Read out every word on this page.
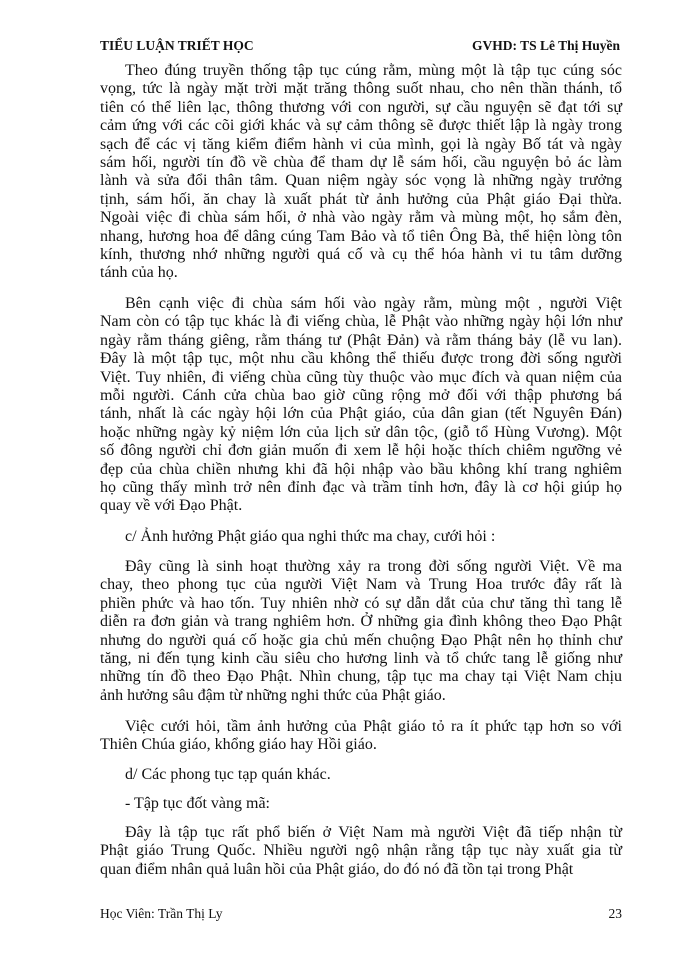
TIỂU LUẬN TRIẾT HỌC	GVHD: TS Lê Thị Huyền
Theo đúng truyền thống tập tục cúng rằm, mùng một là tập tục cúng sóc
vọng, tức là ngày mặt trời mặt trăng thông suốt nhau, cho nên thần thánh, tổ
tiên có thể liên lạc, thông thương với con người, sự cầu nguyện sẽ đạt tới sự
cảm ứng với các cõi giới khác và sự cảm thông sẽ được thiết lập là ngày trong
sạch để các vị tăng kiểm điểm hành vi của mình, gọi là ngày Bố tát và ngày
sám hối, người tín đồ về chùa để tham dự lễ sám hối, cầu nguyện bỏ ác làm
lành và sửa đổi thân tâm. Quan niệm ngày sóc vọng là những ngày trưởng
tịnh, sám hối, ăn chay là xuất phát từ ảnh hưởng của Phật giáo Đại thừa.
Ngoài việc đi chùa sám hối, ở nhà vào ngày rằm và mùng một, họ sắm đèn,
nhang, hương hoa để dâng cúng Tam Bảo và tổ tiên Ông Bà, thể hiện lòng tôn
kính, thương nhớ những người quá cố và cụ thể hóa hành vi tu tâm dưỡng
tánh của họ.
Bên cạnh việc đi chùa sám hối vào ngày rằm, mùng một , người Việt
Nam còn có tập tục khác là đi viếng chùa, lễ Phật vào những ngày hội lớn như
ngày rằm tháng giêng, rằm tháng tư (Phật Đản) và rằm tháng bảy (lễ vu lan).
Đây là một tập tục, một nhu cầu không thể thiếu được trong đời sống người
Việt. Tuy nhiên, đi viếng chùa cũng tùy thuộc vào mục đích và quan niệm của
mỗi người. Cánh cửa chùa bao giờ cũng rộng mở đối với thập phương bá
tánh, nhất là các ngày hội lớn của Phật giáo, của dân gian (tết Nguyên Đán)
hoặc những ngày kỷ niệm lớn của lịch sử dân tộc, (giỗ tổ Hùng Vương). Một
số đông người chỉ đơn giản muốn đi xem lễ hội hoặc thích chiêm ngưỡng vẻ
đẹp của chùa chiền nhưng khi đã hội nhập vào bầu không khí trang nghiêm
họ cũng thấy mình trở nên đỉnh đạc và trầm tỉnh hơn, đây là cơ hội giúp họ
quay về với Đạo Phật.
c/ Ảnh hưởng Phật giáo qua nghi thức ma chay, cưới hỏi :
Đây cũng là sinh hoạt thường xảy ra trong đời sống người Việt. Về ma
chay, theo phong tục của người Việt Nam và Trung Hoa trước đây rất là
phiền phức và hao tốn. Tuy nhiên nhờ có sự dẫn dắt của chư tăng thì tang lễ
diễn ra đơn giản và trang nghiêm hơn. Ở những gia đình không theo Đạo Phật
nhưng do người quá cố hoặc gia chủ mến chuộng Đạo Phật nên họ thỉnh chư
tăng, ni đến tụng kinh cầu siêu cho hương linh và tổ chức tang lễ giống như
những tín đồ theo Đạo Phật. Nhìn chung, tập tục ma chay tại Việt Nam chịu
ảnh hưởng sâu đậm từ những nghi thức của Phật giáo.
Việc cưới hỏi, tầm ảnh hưởng của Phật giáo tỏ ra ít phức tạp hơn so với
Thiên Chúa giáo, khổng giáo hay Hồi giáo.
d/ Các phong tục tạp quán khác.
- Tập tục đốt vàng mã:
Đây là tập tục rất phổ biến ở Việt Nam mà người Việt đã tiếp nhận từ
Phật giáo Trung Quốc. Nhiều người ngộ nhận rằng tập tục này xuất gia từ
quan điểm nhân quả luân hồi của Phật giáo, do đó nó đã tồn tại trong Phật
Học Viên: Trần Thị Ly	23
